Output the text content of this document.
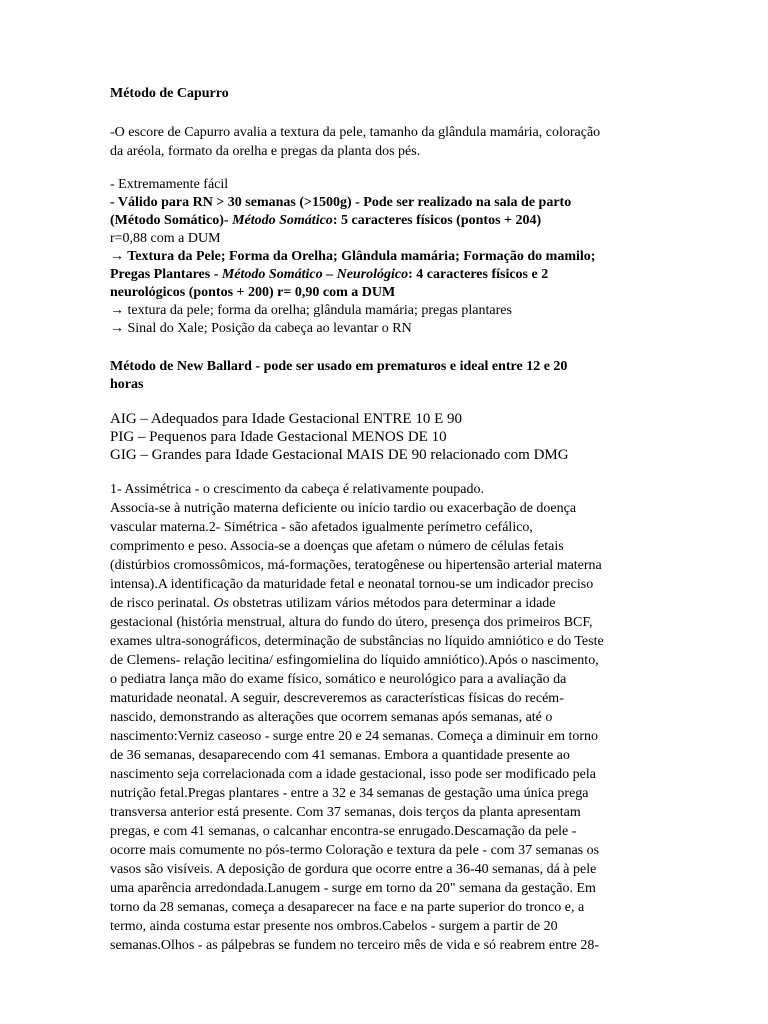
Método de Capurro
-O escore de Capurro avalia a textura da pele, tamanho da glândula mamária, coloração
da aréola, formato da orelha e pregas da planta dos pés.
- Extremamente fácil
- Válido para RN > 30 semanas (>1500g) - Pode ser realizado na sala de parto
(Método Somático)- Método Somático: 5 caracteres físicos (pontos + 204)
r=0,88 com a DUM
→ Textura da Pele; Forma da Orelha; Glândula mamária; Formação do mamilo;
Pregas Plantares - Método Somático – Neurológico: 4 caracteres físicos e 2
neurológicos (pontos + 200) r= 0,90 com a DUM
→ textura da pele; forma da orelha; glândula mamária; pregas plantares
→ Sinal do Xale; Posição da cabeça ao levantar o RN
Método de New Ballard - pode ser usado em prematuros e ideal entre 12 e 20
horas
AIG – Adequados para Idade Gestacional ENTRE 10 E 90
PIG – Pequenos para Idade Gestacional MENOS DE 10
GIG – Grandes para Idade Gestacional MAIS DE 90 relacionado com DMG
1- Assimétrica - o crescimento da cabeça é relativamente poupado.
Associa-se à nutrição materna deficiente ou início tardio ou exacerbação de doença
vascular materna.2- Simétrica - são afetados igualmente perímetro cefálico,
comprimento e peso. Associa-se a doenças que afetam o número de células fetais
(distúrbios cromossômicos, má-formações, teratogênese ou hipertensão arterial materna
intensa).A identificação da maturidade fetal e neonatal tornou-se um indicador preciso
de risco perinatal. Os obstetras utilizam vários métodos para determinar a idade
gestacional (história menstrual, altura do fundo do útero, presença dos primeiros BCF,
exames ultra-sonográficos, determinação de substâncias no líquido amniótico e do Teste
de Clemens- relação lecitina/ esfingomielina do líquido amniótico).Após o nascimento,
o pediatra lança mão do exame físico, somático e neurológico para a avaliação da
maturidade neonatal. A seguir, descreveremos as características físicas do recém-
nascido, demonstrando as alterações que ocorrem semanas após semanas, até o
nascimento:Verniz caseoso - surge entre 20 e 24 semanas. Começa a diminuir em torno
de 36 semanas, desaparecendo com 41 semanas. Embora a quantidade presente ao
nascimento seja correlacionada com a idade gestacional, isso pode ser modificado pela
nutrição fetal.Pregas plantares - entre a 32 e 34 semanas de gestação uma única prega
transversa anterior está presente. Com 37 semanas, dois terços da planta apresentam
pregas, e com 41 semanas, o calcanhar encontra-se enrugado.Descamação da pele -
ocorre mais comumente no pós-termo Coloração e textura da pele - com 37 semanas os
vasos são visíveis. A deposição de gordura que ocorre entre a 36-40 semanas, dá à pele
uma aparência arredondada.Lanugem - surge em torno da 20" semana da gestação. Em
torno da 28 semanas, começa a desaparecer na face e na parte superior do tronco e, a
termo, ainda costuma estar presente nos ombros.Cabelos - surgem a partir de 20
semanas.Olhos - as pálpebras se fundem no terceiro mês de vida e só reabrem entre 28-
